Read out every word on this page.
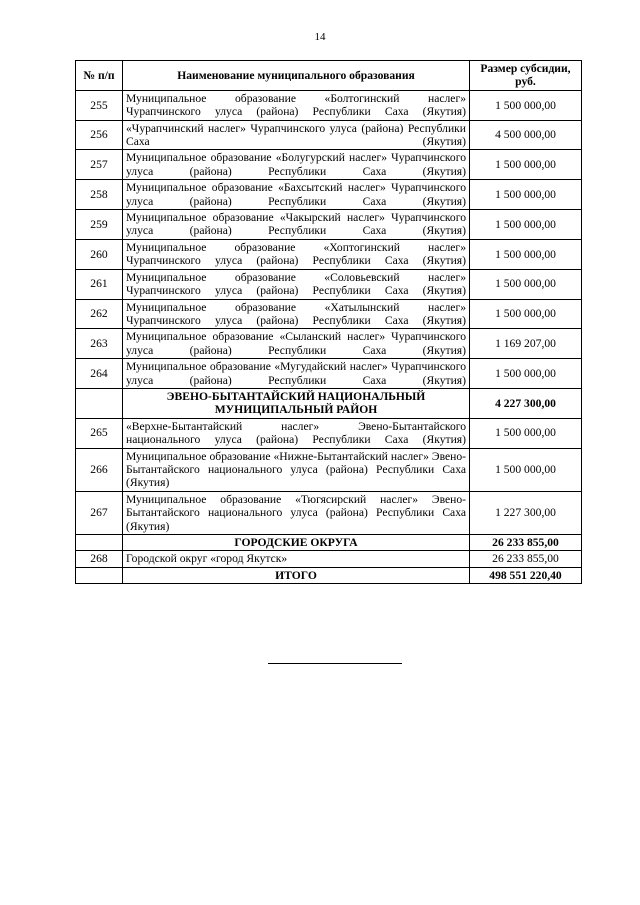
14
№ п/п	Наименование муниципального образования	Размер субсидии, руб.
255	Муниципальное образование «Болтогинский наслег» Чурапчинского улуса (района) Республики Саха (Якутия)	1 500 000,00
256	«Чурапчинский наслег» Чурапчинского улуса (района) Республики Саха (Якутия)	4 500 000,00
257	Муниципальное образование «Болугурский наслег» Чурапчинского улуса (района) Республики Саха (Якутия)	1 500 000,00
258	Муниципальное образование «Бахсытский наслег» Чурапчинского улуса (района) Республики Саха (Якутия)	1 500 000,00
259	Муниципальное образование «Чакырский наслег» Чурапчинского улуса (района) Республики Саха (Якутия)	1 500 000,00
260	Муниципальное образование «Хоптогинский наслег» Чурапчинского улуса (района) Республики Саха (Якутия)	1 500 000,00
261	Муниципальное образование «Соловьевский наслег» Чурапчинского улуса (района) Республики Саха (Якутия)	1 500 000,00
262	Муниципальное образование «Хатылынский наслег» Чурапчинского улуса (района) Республики Саха (Якутия)	1 500 000,00
263	Муниципальное образование «Сыланский наслег» Чурапчинского улуса (района) Республики Саха (Якутия)	1 169 207,00
264	Муниципальное образование «Мугудайский наслег» Чурапчинского улуса (района) Республики Саха (Якутия)	1 500 000,00
	ЭВЕНО-БЫТАНТАЙСКИЙ НАЦИОНАЛЬНЫЙ МУНИЦИПАЛЬНЫЙ РАЙОН	4 227 300,00
265	«Верхне-Бытантайский наслег» Эвено-Бытантайского национального улуса (района) Республики Саха (Якутия)	1 500 000,00
266	Муниципальное образование «Нижне-Бытантайский наслег» Эвено-Бытантайского национального улуса (района) Республики Саха (Якутия)	1 500 000,00
267	Муниципальное образование «Тюгясирский наслег» Эвено-Бытантайского национального улуса (района) Республики Саха (Якутия)	1 227 300,00
	ГОРОДСКИЕ ОКРУГА	26 233 855,00
268	Городской округ «город Якутск»	26 233 855,00
	ИТОГО	498 551 220,40
